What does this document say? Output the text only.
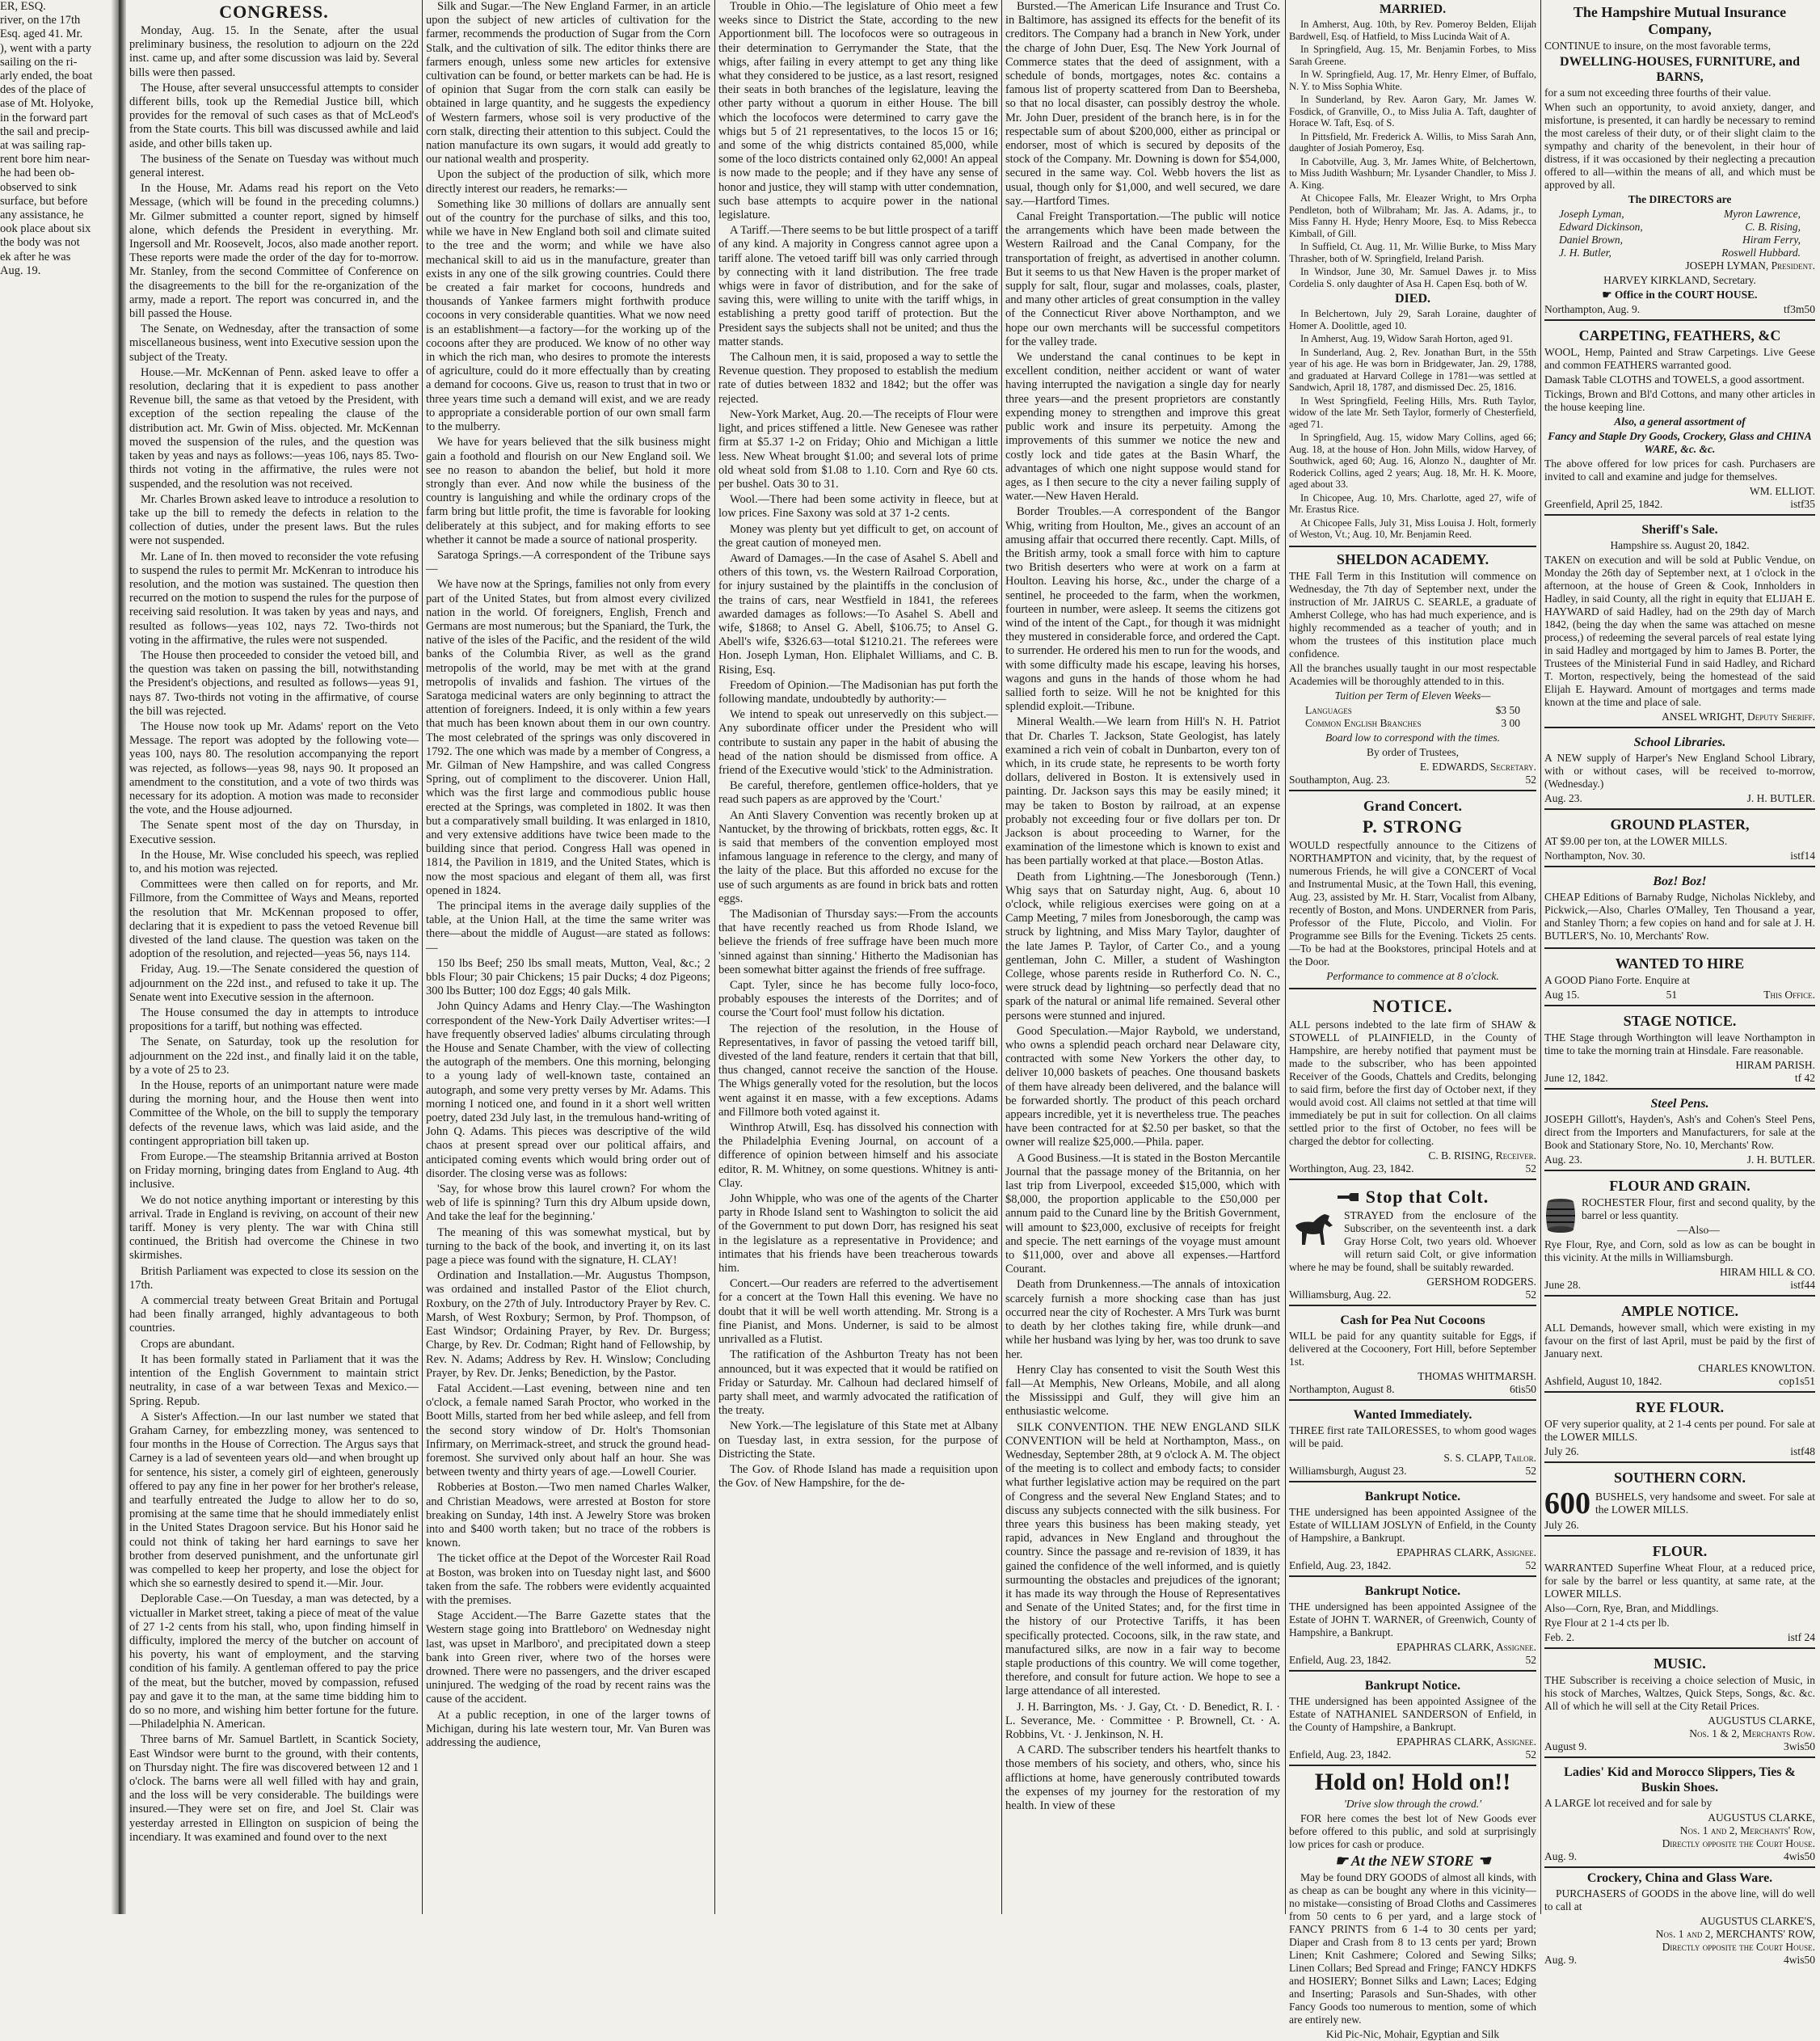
ER, ESQ.
river, on the 17th
Esq. aged 41. Mr.
), went with a party
sailing on the ri-
arly ended, the boat
des of the place of
ase of Mt. Holyoke,
in the forward part
the sail and precip-
at was sailing rap-
rent bore him near-
he had been ob-
observed to sink
surface, but before
any assistance, he
ook place about six
the body was not
ek after he was
Aug. 19.
CONGRESS.

Monday, Aug. 15. In the Senate, after the usual preliminary business, the resolution to adjourn on the 22d inst. came up, and after some discussion was laid by. Several bills were then passed.

The House, after several unsuccessful attempts to consider different bills, took up the Remedial Justice bill, which provides for the removal of such cases as that of McLeod's from the State courts. This bill was discussed awhile and laid aside, and other bills taken up.

The business of the Senate on Tuesday was without much general interest.

In the House, Mr. Adams read his report on the Veto Message, (which will be found in the preceding columns.) Mr. Gilmer submitted a counter report, signed by himself alone, which defends the President in everything. Mr. Ingersoll and Mr. Roosevelt, Jocos, also made another report. These reports were made the order of the day for to-morrow. Mr. Stanley, from the second Committee of Conference on the disagreements to the bill for the re-organization of the army, made a report. The report was concurred in, and the bill passed the House.

The Senate, on Wednesday, after the transaction of some miscellaneous business, went into Executive session upon the subject of the Treaty.

House.—Mr. McKennan of Penn. asked leave to offer a resolution, declaring that it is expedient to pass another Revenue bill, the same as that vetoed by the President, with exception of the section repealing the clause of the distribution act. Mr. Gwin of Miss. objected. Mr. McKennan moved the suspension of the rules, and the question was taken by yeas and nays as follows:—yeas 106, nays 85. Two-thirds not voting in the affirmative, the rules were not suspended, and the resolution was not received.

Mr. Charles Brown asked leave to introduce a resolution to take up the bill to remedy the defects in relation to the collection of duties, under the present laws. But the rules were not suspended.

Mr. Lane of In. then moved to reconsider the vote refusing to suspend the rules to permit Mr. McKenran to introduce his resolution, and the motion was sustained. The question then recurred on the motion to suspend the rules for the purpose of receiving said resolution. It was taken by yeas and nays, and resulted as follows—yeas 102, nays 72. Two-thirds not voting in the affirmative, the rules were not suspended.

The House then proceeded to consider the vetoed bill, and the question was taken on passing the bill, notwithstanding the President's objections, and resulted as follows—yeas 91, nays 87. Two-thirds not voting in the affirmative, of course the bill was rejected.

The House now took up Mr. Adams' report on the Veto Message. The report was adopted by the following vote—yeas 100, nays 80. The resolution accompanying the report was rejected, as follows—yeas 98, nays 90. It proposed an amendment to the constitution, and a vote of two thirds was necessary for its adoption. A motion was made to reconsider the vote, and the House adjourned.

The Senate spent most of the day on Thursday, in Executive session.

In the House, Mr. Wise concluded his speech, was replied to, and his motion was rejected.

Committees were then called on for reports, and Mr. Fillmore, from the Committee of Ways and Means, reported the resolution that Mr. McKennan proposed to offer, declaring that it is expedient to pass the vetoed Revenue bill divested of the land clause. The question was taken on the adoption of the resolution, and rejected—yeas 56, nays 114.

Friday, Aug. 19.—The Senate considered the question of adjournment on the 22d inst., and refused to take it up. The Senate went into Executive session in the afternoon.

The House consumed the day in attempts to introduce propositions for a tariff, but nothing was effected.

The Senate, on Saturday, took up the resolution for adjournment on the 22d inst., and finally laid it on the table, by a vote of 25 to 23.

In the House, reports of an unimportant nature were made during the morning hour, and the House then went into Committee of the Whole, on the bill to supply the temporary defects of the revenue laws, which was laid aside, and the contingent appropriation bill taken up.

From Europe.—The steamship Britannia arrived at Boston on Friday morning, bringing dates from England to Aug. 4th inclusive.

We do not notice anything important or interesting by this arrival. Trade in England is reviving, on account of their new tariff. Money is very plenty. The war with China still continued, the British had overcome the Chinese in two skirmishes.

British Parliament was expected to close its session on the 17th.

A commercial treaty between Great Britain and Portugal had been finally arranged, highly advantageous to both countries.

Crops are abundant.

It has been formally stated in Parliament that it was the intention of the English Government to maintain strict neutrality, in case of a war between Texas and Mexico.—Spring. Repub.

A Sister's Affection.—In our last number we stated that Graham Carney, for embezzling money, was sentenced to four months in the House of Correction. The Argus says that Carney is a lad of seventeen years old—and when brought up for sentence, his sister, a comely girl of eighteen, generously offered to pay any fine in her power for her brother's release, and tearfully entreated the Judge to allow her to do so, promising at the same time that he should immediately enlist in the United States Dragoon service. But his Honor said he could not think of taking her hard earnings to save her brother from deserved punishment, and the unfortunate girl was compelled to keep her property, and lose the object for which she so earnestly desired to spend it.—Mir. Jour.

Deplorable Case.—On Tuesday, a man was detected, by a victualler in Market street, taking a piece of meat of the value of 27 1-2 cents from his stall, who, upon finding himself in difficulty, implored the mercy of the butcher on account of his poverty, his want of employment, and the starving condition of his family. A gentleman offered to pay the price of the meat, but the butcher, moved by compassion, refused pay and gave it to the man, at the same time bidding him to do so no more, and wishing him better fortune for the future.—Philadelphia N. American.

Three barns of Mr. Samuel Bartlett, in Scantick Society, East Windsor were burnt to the ground, with their contents, on Thursday night. The fire was discovered between 12 and 1 o'clock. The barns were all well filled with hay and grain, and the loss will be very considerable. The buildings were insured.—They were set on fire, and Joel St. Clair was yesterday arrested in Ellington on suspicion of being the incendiary. It was examined and found over to the next

Silk and Sugar.—The New England Farmer, in an article upon the subject of new articles of cultivation for the farmer, recommends the production of Sugar from the Corn Stalk, and the cultivation of silk. The editor thinks there are farmers enough, unless some new articles for extensive cultivation can be found, or better markets can be had. He is of opinion that Sugar from the corn stalk can easily be obtained in large quantity, and he suggests the expediency of Western farmers, whose soil is very productive of the corn stalk, directing their attention to this subject. Could the nation manufacture its own sugars, it would add greatly to our national wealth and prosperity.

Upon the subject of the production of silk, which more directly interest our readers, he remarks:—

Something like 30 millions of dollars are annually sent out of the country for the purchase of silks, and this too, while we have in New England both soil and climate suited to the tree and the worm; and while we have also mechanical skill to aid us in the manufacture, greater than exists in any one of the silk growing countries. Could there be created a fair market for cocoons, hundreds and thousands of Yankee farmers might forthwith produce cocoons in very considerable quantities. What we now need is an establishment—a factory—for the working up of the cocoons after they are produced. We know of no other way in which the rich man, who desires to promote the interests of agriculture, could do it more effectually than by creating a demand for cocoons. Give us, reason to trust that in two or three years time such a demand will exist, and we are ready to appropriate a considerable portion of our own small farm to the mulberry.

We have for years believed that the silk business might gain a foothold and flourish on our New England soil. We see no reason to abandon the belief, but hold it more strongly than ever. And now while the business of the country is languishing and while the ordinary crops of the farm bring but little profit, the time is favorable for looking deliberately at this subject, and for making efforts to see whether it cannot be made a source of national prosperity.

Saratoga Springs.—A correspondent of the Tribune says—

We have now at the Springs, families not only from every part of the United States, but from almost every civilized nation in the world. Of foreigners, English, French and Germans are most numerous; but the Spaniard, the Turk, the native of the isles of the Pacific, and the resident of the wild banks of the Columbia River, as well as the grand metropolis of the world, may be met with at the grand metropolis of invalids and fashion. The virtues of the Saratoga medicinal waters are only beginning to attract the attention of foreigners. Indeed, it is only within a few years that much has been known about them in our own country. The most celebrated of the springs was only discovered in 1792. The one which was made by a member of Congress, a Mr. Gilman of New Hampshire, and was called Congress Spring, out of compliment to the discoverer. Union Hall, which was the first large and commodious public house erected at the Springs, was completed in 1802. It was then but a comparatively small building. It was enlarged in 1810, and very extensive additions have twice been made to the building since that period. Congress Hall was opened in 1814, the Pavilion in 1819, and the United States, which is now the most spacious and elegant of them all, was first opened in 1824.

The principal items in the average daily supplies of the table, at the Union Hall, at the time the same writer was there—about the middle of August—are stated as follows:—

150 lbs Beef; 250 lbs small meats, Mutton, Veal, &c.; 2 bbls Flour; 30 pair Chickens; 15 pair Ducks; 4 doz Pigeons; 300 lbs Butter; 100 doz Eggs; 40 gals Milk.

John Quincy Adams and Henry Clay.—The Washington correspondent of the New-York Daily Advertiser writes:—I have frequently observed ladies' albums circulating through the House and Senate Chamber, with the view of collecting the autograph of the members. One this morning, belonging to a young lady of well-known taste, contained an autograph, and some very pretty verses by Mr. Adams. This morning I noticed one, and found in it a short well written poetry, dated 23d July last, in the tremulous hand-writing of John Q. Adams. This pieces was descriptive of the wild chaos at present spread over our political affairs, and anticipated coming events which would bring order out of disorder. The closing verse was as follows:

'Say, for whose brow this laurel crown? For whom the web of life is spinning? Turn this dry Album upside down, And take the leaf for the beginning.'

The meaning of this was somewhat mystical, but by turning to the back of the book, and inverting it, on its last page a piece was found with the signature, H. CLAY!

Ordination and Installation.—Mr. Augustus Thompson, was ordained and installed Pastor of the Eliot church, Roxbury, on the 27th of July. Introductory Prayer by Rev. C. Marsh, of West Roxbury; Sermon, by Prof. Thompson, of East Windsor; Ordaining Prayer, by Rev. Dr. Burgess; Charge, by Rev. Dr. Codman; Right hand of Fellowship, by Rev. N. Adams; Address by Rev. H. Winslow; Concluding Prayer, by Rev. Dr. Jenks; Benediction, by the Pastor.

Fatal Accident.—Last evening, between nine and ten o'clock, a female named Sarah Proctor, who worked in the Boott Mills, started from her bed while asleep, and fell from the second story window of Dr. Holt's Thomsonian Infirmary, on Merrimack-street, and struck the ground head-foremost. She survived only about half an hour. She was between twenty and thirty years of age.—Lowell Courier.

Robberies at Boston.—Two men named Charles Walker, and Christian Meadows, were arrested at Boston for store breaking on Sunday, 14th inst. A Jewelry Store was broken into and $400 worth taken; but no trace of the robbers is known.

The ticket office at the Depot of the Worcester Rail Road at Boston, was broken into on Tuesday night last, and $600 taken from the safe. The robbers were evidently acquainted with the premises.

Stage Accident.—The Barre Gazette states that the Western stage going into Brattleboro' on Wednesday night last, was upset in Marlboro', and precipitated down a steep bank into Green river, where two of the horses were drowned. There were no passengers, and the driver escaped uninjured. The wedging of the road by recent rains was the cause of the accident.

At a public reception, in one of the larger towns of Michigan, during his late western tour, Mr. Van Buren was addressing the audience,

Trouble in Ohio.—The legislature of Ohio meet a few weeks since to District the State, according to the new Apportionment bill. The locofocos were so outrageous in their determination to Gerrymander the State, that the whigs, after failing in every attempt to get any thing like what they considered to be justice, as a last resort, resigned their seats in both branches of the legislature, leaving the other party without a quorum in either House. The bill which the locofocos were determined to carry gave the whigs but 5 of 21 representatives, to the locos 15 or 16; and some of the whig districts contained 85,000, while some of the loco districts contained only 62,000! An appeal is now made to the people; and if they have any sense of honor and justice, they will stamp with utter condemnation, such base attempts to acquire power in the national legislature.

A Tariff.—There seems to be but little prospect of a tariff of any kind. A majority in Congress cannot agree upon a tariff alone. The vetoed tariff bill was only carried through by connecting with it land distribution. The free trade whigs were in favor of distribution, and for the sake of saving this, were willing to unite with the tariff whigs, in establishing a pretty good tariff of protection. But the President says the subjects shall not be united; and thus the matter stands.

The Calhoun men, it is said, proposed a way to settle the Revenue question. They proposed to establish the medium rate of duties between 1832 and 1842; but the offer was rejected.

New-York Market, Aug. 20.—The receipts of Flour were light, and prices stiffened a little. New Genesee was rather firm at $5.37 1-2 on Friday; Ohio and Michigan a little less. New Wheat brought $1.00; and several lots of prime old wheat sold from $1.08 to 1.10. Corn and Rye 60 cts. per bushel. Oats 30 to 31.

Wool.—There had been some activity in fleece, but at low prices. Fine Saxony was sold at 37 1-2 cents.

Money was plenty but yet difficult to get, on account of the great caution of moneyed men.

Award of Damages.—In the case of Asahel S. Abell and others of this town, vs. the Western Railroad Corporation, for injury sustained by the plaintiffs in the conclusion of the trains of cars, near Westfield in 1841, the referees awarded damages as follows:—To Asahel S. Abell and wife, $1868; to Ansel G. Abell, $106.75; to Ansel G. Abell's wife, $326.63—total $1210.21. The referees were Hon. Joseph Lyman, Hon. Eliphalet Williams, and C. B. Rising, Esq.

Freedom of Opinion.—The Madisonian has put forth the following mandate, undoubtedly by authority:—

We intend to speak out unreservedly on this subject.—Any subordinate officer under the President who will contribute to sustain any paper in the habit of abusing the head of the nation should be dismissed from office. A friend of the Executive would 'stick' to the Administration.

Be careful, therefore, gentlemen office-holders, that ye read such papers as are approved by the 'Court.'

An Anti Slavery Convention was recently broken up at Nantucket, by the throwing of brickbats, rotten eggs, &c. It is said that members of the convention employed most infamous language in reference to the clergy, and many of the laity of the place. But this afforded no excuse for the use of such arguments as are found in brick bats and rotten eggs.

The Madisonian of Thursday says:—From the accounts that have recently reached us from Rhode Island, we believe the friends of free suffrage have been much more 'sinned against than sinning.' Hitherto the Madisonian has been somewhat bitter against the friends of free suffrage.

Capt. Tyler, since he has become fully loco-foco, probably espouses the interests of the Dorrites; and of course the 'Court fool' must follow his dictation.

The rejection of the resolution, in the House of Representatives, in favor of passing the vetoed tariff bill, divested of the land feature, renders it certain that that bill, thus changed, cannot receive the sanction of the House. The Whigs generally voted for the resolution, but the locos went against it en masse, with a few exceptions. Adams and Fillmore both voted against it.

Winthrop Atwill, Esq. has dissolved his connection with the Philadelphia Evening Journal, on account of a difference of opinion between himself and his associate editor, R. M. Whitney, on some questions. Whitney is anti-Clay.

John Whipple, who was one of the agents of the Charter party in Rhode Island sent to Washington to solicit the aid of the Government to put down Dorr, has resigned his seat in the legislature as a representative in Providence; and intimates that his friends have been treacherous towards him.

Concert.—Our readers are referred to the advertisement for a concert at the Town Hall this evening. We have no doubt that it will be well worth attending. Mr. Strong is a fine Pianist, and Mons. Underner, is said to be almost unrivalled as a Flutist.

The ratification of the Ashburton Treaty has not been announced, but it was expected that it would be ratified on Friday or Saturday. Mr. Calhoun had declared himself of party shall meet, and warmly advocated the ratification of the treaty.

New York.—The legislature of this State met at Albany on Tuesday last, in extra session, for the purpose of Districting the State.

The Gov. of Rhode Island has made a requisition upon the Gov. of New Hampshire, for the de-

Bursted.—The American Life Insurance and Trust Co. in Baltimore, has assigned its effects for the benefit of its creditors. The Company had a branch in New York, under the charge of John Duer, Esq. The New York Journal of Commerce states that the deed of assignment, with a schedule of bonds, mortgages, notes &c. contains a famous list of property scattered from Dan to Beersheba, so that no local disaster, can possibly destroy the whole. Mr. John Duer, president of the branch here, is in for the respectable sum of about $200,000, either as principal or endorser, most of which is secured by deposits of the stock of the Company. Mr. Downing is down for $54,000, secured in the same way. Col. Webb hovers the list as usual, though only for $1,000, and well secured, we dare say.—Hartford Times.

Canal Freight Transportation.—The public will notice the arrangements which have been made between the Western Railroad and the Canal Company, for the transportation of freight, as advertised in another column. But it seems to us that New Haven is the proper market of supply for salt, flour, sugar and molasses, coals, plaster, and many other articles of great consumption in the valley of the Connecticut River above Northampton, and we hope our own merchants will be successful competitors for the valley trade.

We understand the canal continues to be kept in excellent condition, neither accident or want of water having interrupted the navigation a single day for nearly three years—and the present proprietors are constantly expending money to strengthen and improve this great public work and insure its perpetuity. Among the improvements of this summer we notice the new and costly lock and tide gates at the Basin Wharf, the advantages of which one night suppose would stand for ages, as I then secure to the city a never failing supply of water.—New Haven Herald.

Border Troubles.—A correspondent of the Bangor Whig, writing from Houlton, Me., gives an account of an amusing affair that occurred there recently. Capt. Mills, of the British army, took a small force with him to capture two British deserters who were at work on a farm at Houlton. Leaving his horse, &c., under the charge of a sentinel, he proceeded to the farm, when the workmen, fourteen in number, were asleep. It seems the citizens got wind of the intent of the Capt., for though it was midnight they mustered in considerable force, and ordered the Capt. to surrender. He ordered his men to run for the woods, and with some difficulty made his escape, leaving his horses, wagons and guns in the hands of those whom he had sallied forth to seize. Will he not be knighted for this splendid exploit.—Tribune.

Mineral Wealth.—We learn from Hill's N. H. Patriot that Dr. Charles T. Jackson, State Geologist, has lately examined a rich vein of cobalt in Dunbarton, every ton of which, in its crude state, he represents to be worth forty dollars, delivered in Boston. It is extensively used in painting. Dr. Jackson says this may be easily mined; it may be taken to Boston by railroad, at an expense probably not exceeding four or five dollars per ton. Dr Jackson is about proceeding to Warner, for the examination of the limestone which is known to exist and has been partially worked at that place.—Boston Atlas.

Death from Lightning.—The Jonesborough (Tenn.) Whig says that on Saturday night, Aug. 6, about 10 o'clock, while religious exercises were going on at a Camp Meeting, 7 miles from Jonesborough, the camp was struck by lightning, and Miss Mary Taylor, daughter of the late James P. Taylor, of Carter Co., and a young gentleman, John C. Miller, a student of Washington College, whose parents reside in Rutherford Co. N. C., were struck dead by lightning—so perfectly dead that no spark of the natural or animal life remained. Several other persons were stunned and injured.

Good Speculation.—Major Raybold, we understand, who owns a splendid peach orchard near Delaware city, contracted with some New Yorkers the other day, to deliver 10,000 baskets of peaches. One thousand baskets of them have already been delivered, and the balance will be forwarded shortly. The product of this peach orchard appears incredible, yet it is nevertheless true. The peaches have been contracted for at $2.50 per basket, so that the owner will realize $25,000.—Phila. paper.

A Good Business.—It is stated in the Boston Mercantile Journal that the passage money of the Britannia, on her last trip from Liverpool, exceeded $15,000, which with $8,000, the proportion applicable to the £50,000 per annum paid to the Cunard line by the British Government, will amount to $23,000, exclusive of receipts for freight and specie. The nett earnings of the voyage must amount to $11,000, over and above all expenses.—Hartford Courant.

Death from Drunkenness.—The annals of intoxication scarcely furnish a more shocking case than has just occurred near the city of Rochester. A Mrs Turk was burnt to death by her clothes taking fire, while drunk—and while her husband was lying by her, was too drunk to save her.

Henry Clay has consented to visit the South West this fall—At Memphis, New Orleans, Mobile, and all along the Mississippi and Gulf, they will give him an enthusiastic welcome.

SILK CONVENTION. THE NEW ENGLAND SILK CONVENTION will be held at Northampton, Mass., on Wednesday, September 28th, at 9 o'clock A. M. The object of the meeting is to collect and embody facts; to consider what further legislative action may be required on the part of Congress and the several New England States; and to discuss any subjects connected with the silk business. For three years this business has been making steady, yet rapid, advances in New England and throughout the country. Since the passage and re-revision of 1839, it has gained the confidence of the well informed, and is quietly surmounting the obstacles and prejudices of the ignorant; it has made its way through the House of Representatives and Senate of the United States; and, for the first time in the history of our Protective Tariffs, it has been specifically protected. Cocoons, silk, in the raw state, and manufactured silks, are now in a fair way to become staple productions of this country. We will come together, therefore, and consult for future action. We hope to see a large attendance of all interested.

J. H. Barrington, Ms. · J. Gay, Ct. · D. Benedict, R. I. · L. Severance, Me. · Committee · P. Brownell, Ct. · A. Robbins, Vt. · J. Jenkinson, N. H.

A CARD. The subscriber tenders his heartfelt thanks to those members of his society, and others, who, since his afflictions at home, have generously contributed towards the expenses of my journey for the restoration of my health. In view of these

MARRIED.

In Amherst, Aug. 10th, by Rev. Pomeroy Belden, Elijah Bardwell, Esq. of Hatfield, to Miss Lucinda Wait of A.

In Springfield, Aug. 15, Mr. Benjamin Forbes, to Miss Sarah Greene.

In W. Springfield, Aug. 17, Mr. Henry Elmer, of Buffalo, N. Y. to Miss Sophia White.

In Sunderland, by Rev. Aaron Gary, Mr. James W. Fosdick, of Granville, O., to Miss Julia A. Taft, daughter of Horace W. Taft, Esq. of S.

In Pittsfield, Mr. Frederick A. Willis, to Miss Sarah Ann, daughter of Josiah Pomeroy, Esq.

In Cabotville, Aug. 3, Mr. James White, of Belchertown, to Miss Judith Washburn; Mr. Lysander Chandler, to Miss J. A. King.

At Chicopee Falls, Mr. Eleazer Wright, to Mrs Orpha Pendleton, both of Wilbraham; Mr. Jas. A. Adams, jr., to Miss Fanny H. Hyde; Henry Moore, Esq. to Miss Rebecca Kimball, of Gill.

In Suffield, Ct. Aug. 11, Mr. Willie Burke, to Miss Mary Thrasher, both of W. Springfield, Ireland Parish.

In Windsor, June 30, Mr. Samuel Dawes jr. to Miss Cordelia S. only daughter of Asa H. Capen Esq. both of W.

DIED.

In Belchertown, July 29, Sarah Loraine, daughter of Homer A. Doolittle, aged 10.

In Amherst, Aug. 19, Widow Sarah Horton, aged 91.

In Sunderland, Aug. 2, Rev. Jonathan Burt, in the 55th year of his age. He was born in Bridgewater, Jan. 29, 1788, and graduated at Harvard College in 1781—was settled at Sandwich, April 18, 1787, and dismissed Dec. 25, 1816.

In West Springfield, Feeling Hills, Mrs. Ruth Taylor, widow of the late Mr. Seth Taylor, formerly of Chesterfield, aged 71.

In Springfield, Aug. 15, widow Mary Collins, aged 66; Aug. 18, at the house of Hon. John Mills, widow Harvey, of Southwick, aged 60; Aug. 16, Alonzo N., daughter of Mr. Roderick Collins, aged 2 years; Aug. 18, Mr. H. K. Moore, aged about 33.

In Chicopee, Aug. 10, Mrs. Charlotte, aged 27, wife of Mr. Erastus Rice.

At Chicopee Falls, July 31, Miss Louisa J. Holt, formerly of Weston, Vt.; Aug. 10, Mr. Benjamin Reed.

SHELDON ACADEMY.

THE Fall Term in this Institution will commence on Wednesday, the 7th day of September next, under the instruction of Mr. JAIRUS C. SEARLE, a graduate of Amherst College, who has had much experience, and is highly recommended as a teacher of youth; and in whom the trustees of this institution place much confidence.

All the branches usually taught in our most respectable Academies will be thoroughly attended to in this.

Tuition per Term of Eleven Weeks—
Languages	$3 50
Common English Branches	3 00
Board low to correspond with the times.
By order of Trustees,
E. EDWARDS, Secretary.
Southampton, Aug. 23.	52
Grand Concert.
P. STRONG

WOULD respectfully announce to the Citizens of NORTHAMPTON and vicinity, that, by the request of numerous Friends, he will give a CONCERT of Vocal and Instrumental Music, at the Town Hall, this evening, Aug. 23, assisted by Mr. H. Starr, Vocalist from Albany, recently of Boston, and Mons. UNDERNER from Paris, Professor of the Flute, Piccolo, and Violin. For Programme see Bills for the Evening. Tickets 25 cents.—To be had at the Bookstores, principal Hotels and at the Door.

Performance to commence at 8 o'clock.
NOTICE.

ALL persons indebted to the late firm of SHAW & STOWELL of PLAINFIELD, in the County of Hampshire, are hereby notified that payment must be made to the subscriber, who has been appointed Receiver of the Goods, Chattels and Credits, belonging to said firm, before the first day of October next, if they would avoid cost. All claims not settled at that time will immediately be put in suit for collection. On all claims settled prior to the first of October, no fees will be charged the debtor for collecting.

C. B. RISING, Receiver.
Worthington, Aug. 23, 1842.	52
Stop that Colt.

STRAYED from the enclosure of the Subscriber, on the seventeenth inst. a dark Gray Horse Colt, two years old. Whoever will return said Colt, or give information where he may be found, shall be suitably rewarded.

GERSHOM RODGERS.
Williamsburg, Aug. 22.	52
Cash for Pea Nut Cocoons

WILL be paid for any quantity suitable for Eggs, if delivered at the Cocoonery, Fort Hill, before September 1st.

THOMAS WHITMARSH.
Northampton, August 8.	6tis50
Wanted Immediately.

THREE first rate TAILORESSES, to whom good wages will be paid.

S. S. CLAPP, Tailor.
Williamsburgh, August 23.	52
Bankrupt Notice.

THE undersigned has been appointed Assignee of the Estate of WILLIAM JOSLYN of Enfield, in the County of Hampshire, a Bankrupt.

EPAPHRAS CLARK, Assignee.
Enfield, Aug. 23, 1842.	52
Bankrupt Notice.

THE undersigned has been appointed Assignee of the Estate of JOHN T. WARNER, of Greenwich, County of Hampshire, a Bankrupt.

EPAPHRAS CLARK, Assignee.
Enfield, Aug. 23, 1842.	52
Bankrupt Notice.

THE undersigned has been appointed Assignee of the Estate of NATHANIEL SANDERSON of Enfield, in the County of Hampshire, a Bankrupt.

EPAPHRAS CLARK, Assignee.
Enfield, Aug. 23, 1842.	52
Hold on! Hold on!!
'Drive slow through the crowd.'

FOR here comes the best lot of New Goods ever before offered to this public, and sold at surprisingly low prices for cash or produce.

☛ At the NEW STORE ☚

May be found DRY GOODS of almost all kinds, with as cheap as can be bought any where in this vicinity—no mistake—consisting of Broad Cloths and Cassimeres from 50 cents to 6 per yard, and a large stock of FANCY PRINTS from 6 1-4 to 30 cents per yard; Diaper and Crash from 8 to 13 cents per yard; Brown Linen; Knit Cashmere; Colored and Sewing Silks; Linen Collars; Bed Spread and Fringe; FANCY HDKFS and HOSIERY; Bonnet Silks and Lawn; Laces; Edging and Inserting; Parasols and Sun-Shades, with other Fancy Goods too numerous to mention, some of which are entirely new.

Kid Pic-Nic, Mohair, Egyptian and Silk
The Hampshire Mutual Insurance Company,

CONTINUE to insure, on the most favorable terms,

DWELLING-HOUSES, FURNITURE, and BARNS,

for a sum not exceeding three fourths of their value.

When such an opportunity, to avoid anxiety, danger, and misfortune, is presented, it can hardly be necessary to remind the most careless of their duty, or of their slight claim to the sympathy and charity of the benevolent, in their hour of distress, if it was occasioned by their neglecting a precaution offered to all—within the means of all, and which must be approved by all.

The DIRECTORS are
Joseph Lyman,	Myron Lawrence,
Edward Dickinson,	C. B. Rising,
Daniel Brown,	Hiram Ferry,
J. H. Butler,	Roswell Hubbard.
JOSEPH LYMAN, President.
HARVEY KIRKLAND, Secretary.
☛ Office in the COURT HOUSE.
Northampton, Aug. 9.	tf3m50
CARPETING, FEATHERS, &C

WOOL, Hemp, Painted and Straw Carpetings. Live Geese and common FEATHERS warranted good.

Damask Table CLOTHS and TOWELS, a good assortment.

Tickings, Brown and Bl'd Cottons, and many other articles in the house keeping line.

Also, a general assortment of
Fancy and Staple Dry Goods, Crockery, Glass and CHINA WARE, &c. &c.

The above offered for low prices for cash. Purchasers are invited to call and examine and judge for themselves.

WM. ELLIOT.
Greenfield, April 25, 1842.	istf35
Sheriff's Sale.
Hampshire ss. August 20, 1842.

TAKEN on execution and will be sold at Public Vendue, on Monday the 26th day of September next, at 1 o'clock in the afternoon, at the house of Green & Cook, Innholders in Hadley, in said County, all the right in equity that ELIJAH E. HAYWARD of said Hadley, had on the 29th day of March 1842, (being the day when the same was attached on mesne process,) of redeeming the several parcels of real estate lying in said Hadley and mortgaged by him to James B. Porter, the Trustees of the Ministerial Fund in said Hadley, and Richard T. Morton, respectively, being the homestead of the said Elijah E. Hayward. Amount of mortgages and terms made known at the time and place of sale.

ANSEL WRIGHT, Deputy Sheriff.
School Libraries.

A NEW supply of Harper's New England School Library, with or without cases, will be received to-morrow, (Wednesday.)

Aug. 23.	J. H. BUTLER.
GROUND PLASTER,

AT $9.00 per ton, at the LOWER MILLS.

Northampton, Nov. 30.	istf14
Boz! Boz!

CHEAP Editions of Barnaby Rudge, Nicholas Nickleby, and Pickwick,—Also, Charles O'Malley, Ten Thousand a year, and Stanley Thorn; a few copies on hand and for sale at J. H. BUTLER'S, No. 10, Merchants' Row.

WANTED TO HIRE

A GOOD Piano Forte. Enquire at

Aug 15.	51	This Office.
STAGE NOTICE.

THE Stage through Worthington will leave Northampton in time to take the morning train at Hinsdale. Fare reasonable.

HIRAM PARISH.
June 12, 1842.	tf 42
Steel Pens.

JOSEPH Gillott's, Hayden's, Ash's and Cohen's Steel Pens, direct from the Importers and Manufacturers, for sale at the Book and Stationary Store, No. 10, Merchants' Row.

Aug. 23.	J. H. BUTLER.
FLOUR AND GRAIN.

ROCHESTER Flour, first and second quality, by the barrel or less quantity.

—Also—

Rye Flour, Rye, and Corn, sold as low as can be bought in this vicinity. At the mills in Williamsburgh.

HIRAM HILL & CO.
June 28.	istf44
AMPLE NOTICE.

ALL Demands, however small, which were existing in my favour on the first of last April, must be paid by the first of January next.

CHARLES KNOWLTON.
Ashfield, August 10, 1842.	cop1s51
RYE FLOUR.

OF very superior quality, at 2 1-4 cents per pound. For sale at the LOWER MILLS.

July 26.	istf48
SOUTHERN CORN.
600 BUSHELS, very handsome and sweet. For sale at the LOWER MILLS.
July 26.
FLOUR.

WARRANTED Superfine Wheat Flour, at a reduced price, for sale by the barrel or less quantity, at same rate, at the LOWER MILLS.

Also—Corn, Rye, Bran, and Middlings.

Rye Flour at 2 1-4 cts per lb.

Feb. 2.	istf 24
MUSIC.

THE Subscriber is receiving a choice selection of Music, in his stock of Marches, Waltzes, Quick Steps, Songs, &c. &c. All of which he will sell at the City Retail Prices.

AUGUSTUS CLARKE,
Nos. 1 & 2, Merchants Row.
August 9.	3wis50
Ladies' Kid and Morocco Slippers, Ties & Buskin Shoes.

A LARGE lot received and for sale by

AUGUSTUS CLARKE,
Nos. 1 and 2, Merchants' Row,
Directly opposite the Court House.
Aug. 9.	4wis50
Crockery, China and Glass Ware.

PURCHASERS of GOODS in the above line, will do well to call at

AUGUSTUS CLARKE'S,
Nos. 1 and 2, MERCHANTS' ROW,
Directly opposite the Court House.
Aug. 9.	4wis50
